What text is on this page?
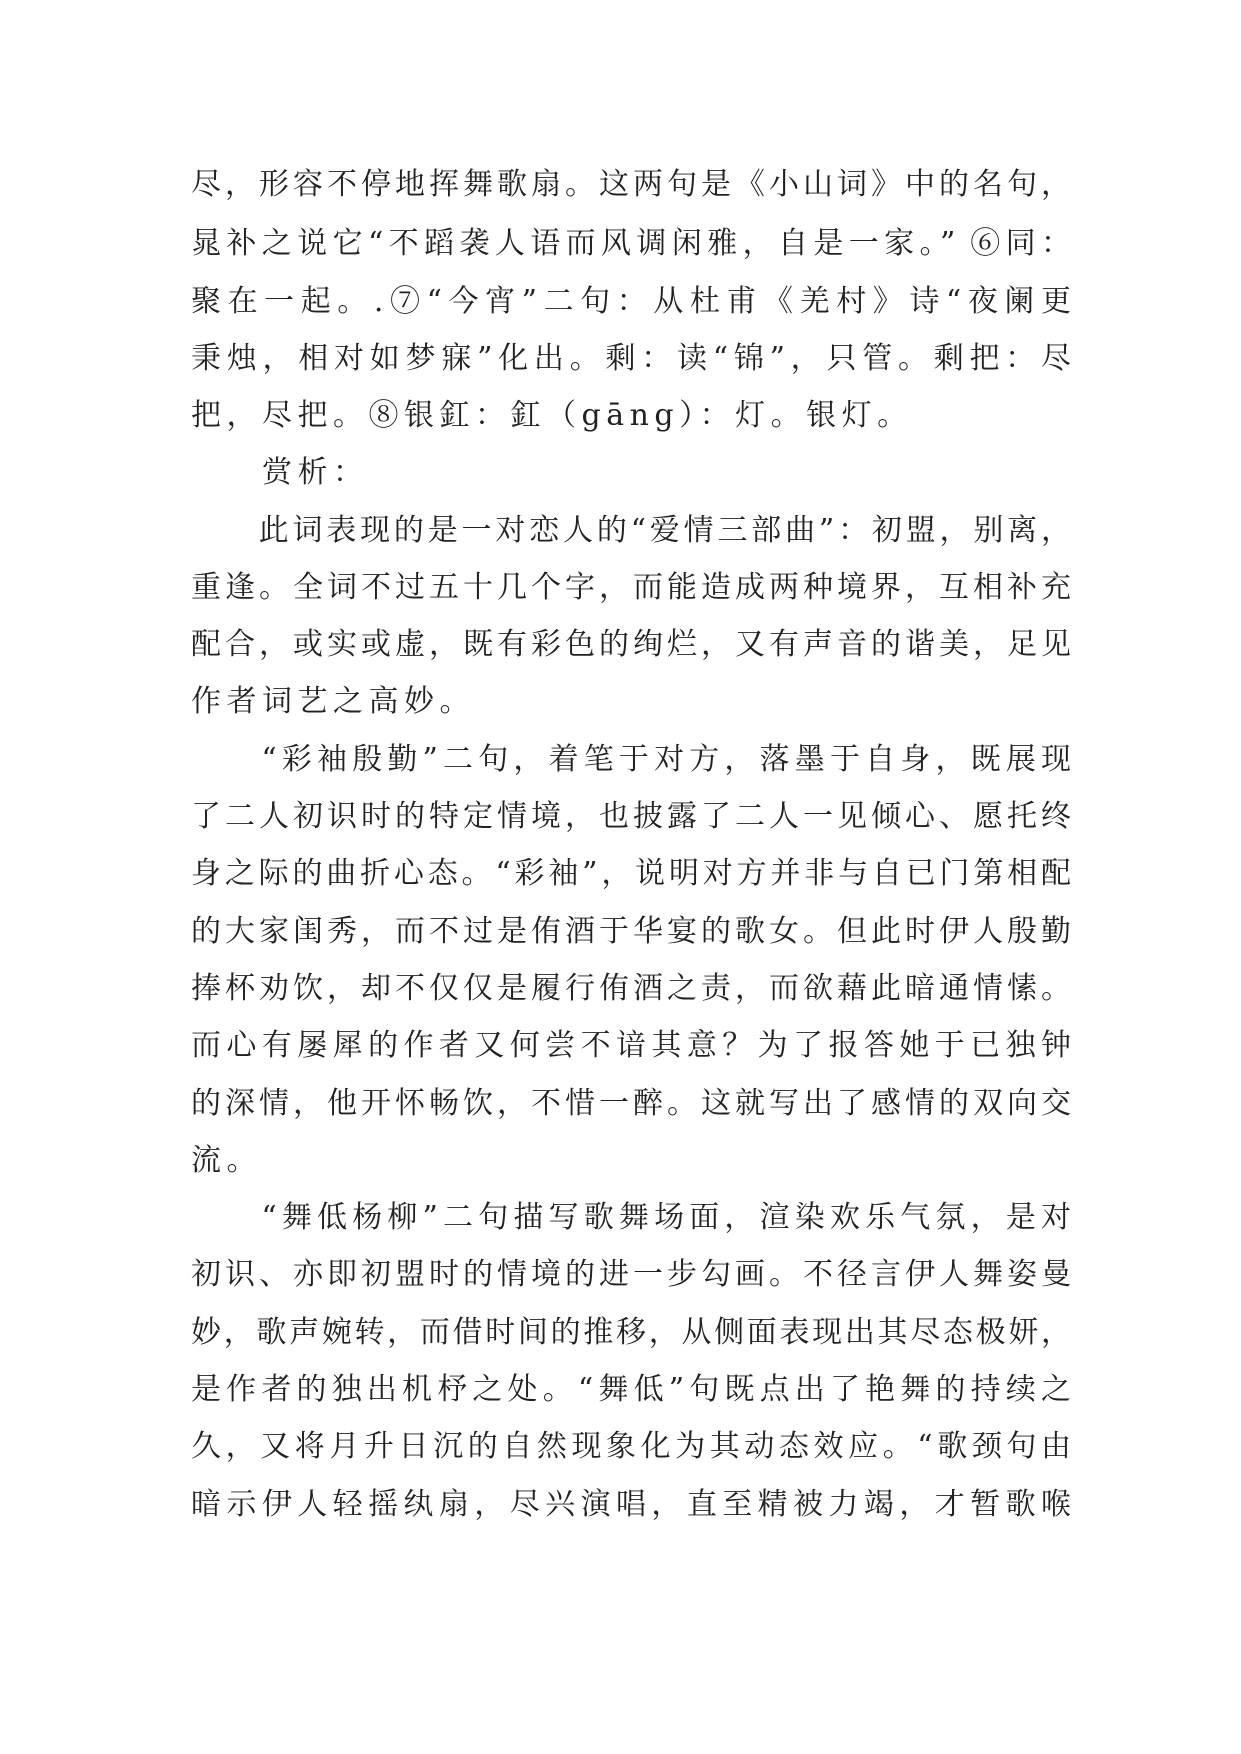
尽，形容不停地挥舞歌扇。这两句是《小山词》中的名句，
晁补之说它“不蹈袭人语而风调闲雅，自是一家。” ⑥同：
聚在一起。.⑦“今宵”二句：从杜甫《羌村》诗“夜阑更
秉烛，相对如梦寐”化出。剩：读“锦”，只管。剩把：尽
把，尽把。⑧银釭：釭（gāng）：灯。银灯。
　　赏析：
　　此词表现的是一对恋人的“爱情三部曲”：初盟，别离，
重逢。全词不过五十几个字，而能造成两种境界，互相补充
配合，或实或虚，既有彩色的绚烂，又有声音的谐美，足见
作者词艺之高妙。
　　“彩袖殷勤”二句，着笔于对方，落墨于自身，既展现
了二人初识时的特定情境，也披露了二人一见倾心、愿托终
身之际的曲折心态。“彩袖”，说明对方并非与自已门第相配
的大家闺秀，而不过是侑酒于华宴的歌女。但此时伊人殷勤
捧杯劝饮，却不仅仅是履行侑酒之责，而欲藉此暗通情愫。
而心有屡犀的作者又何尝不谙其意？为了报答她于已独钟
的深情，他开怀畅饮，不惜一醉。这就写出了感情的双向交
流。
　　“舞低杨柳”二句描写歌舞场面，渲染欢乐气氛，是对
初识、亦即初盟时的情境的进一步勾画。不径言伊人舞姿曼
妙，歌声婉转，而借时间的推移，从侧面表现出其尽态极妍，
是作者的独出机杼之处。“舞低”句既点出了艳舞的持续之
久，又将月升日沉的自然现象化为其动态效应。“歌颈句由
暗示伊人轻摇纨扇，尽兴演唱，直至精被力竭，才暂歌喉
